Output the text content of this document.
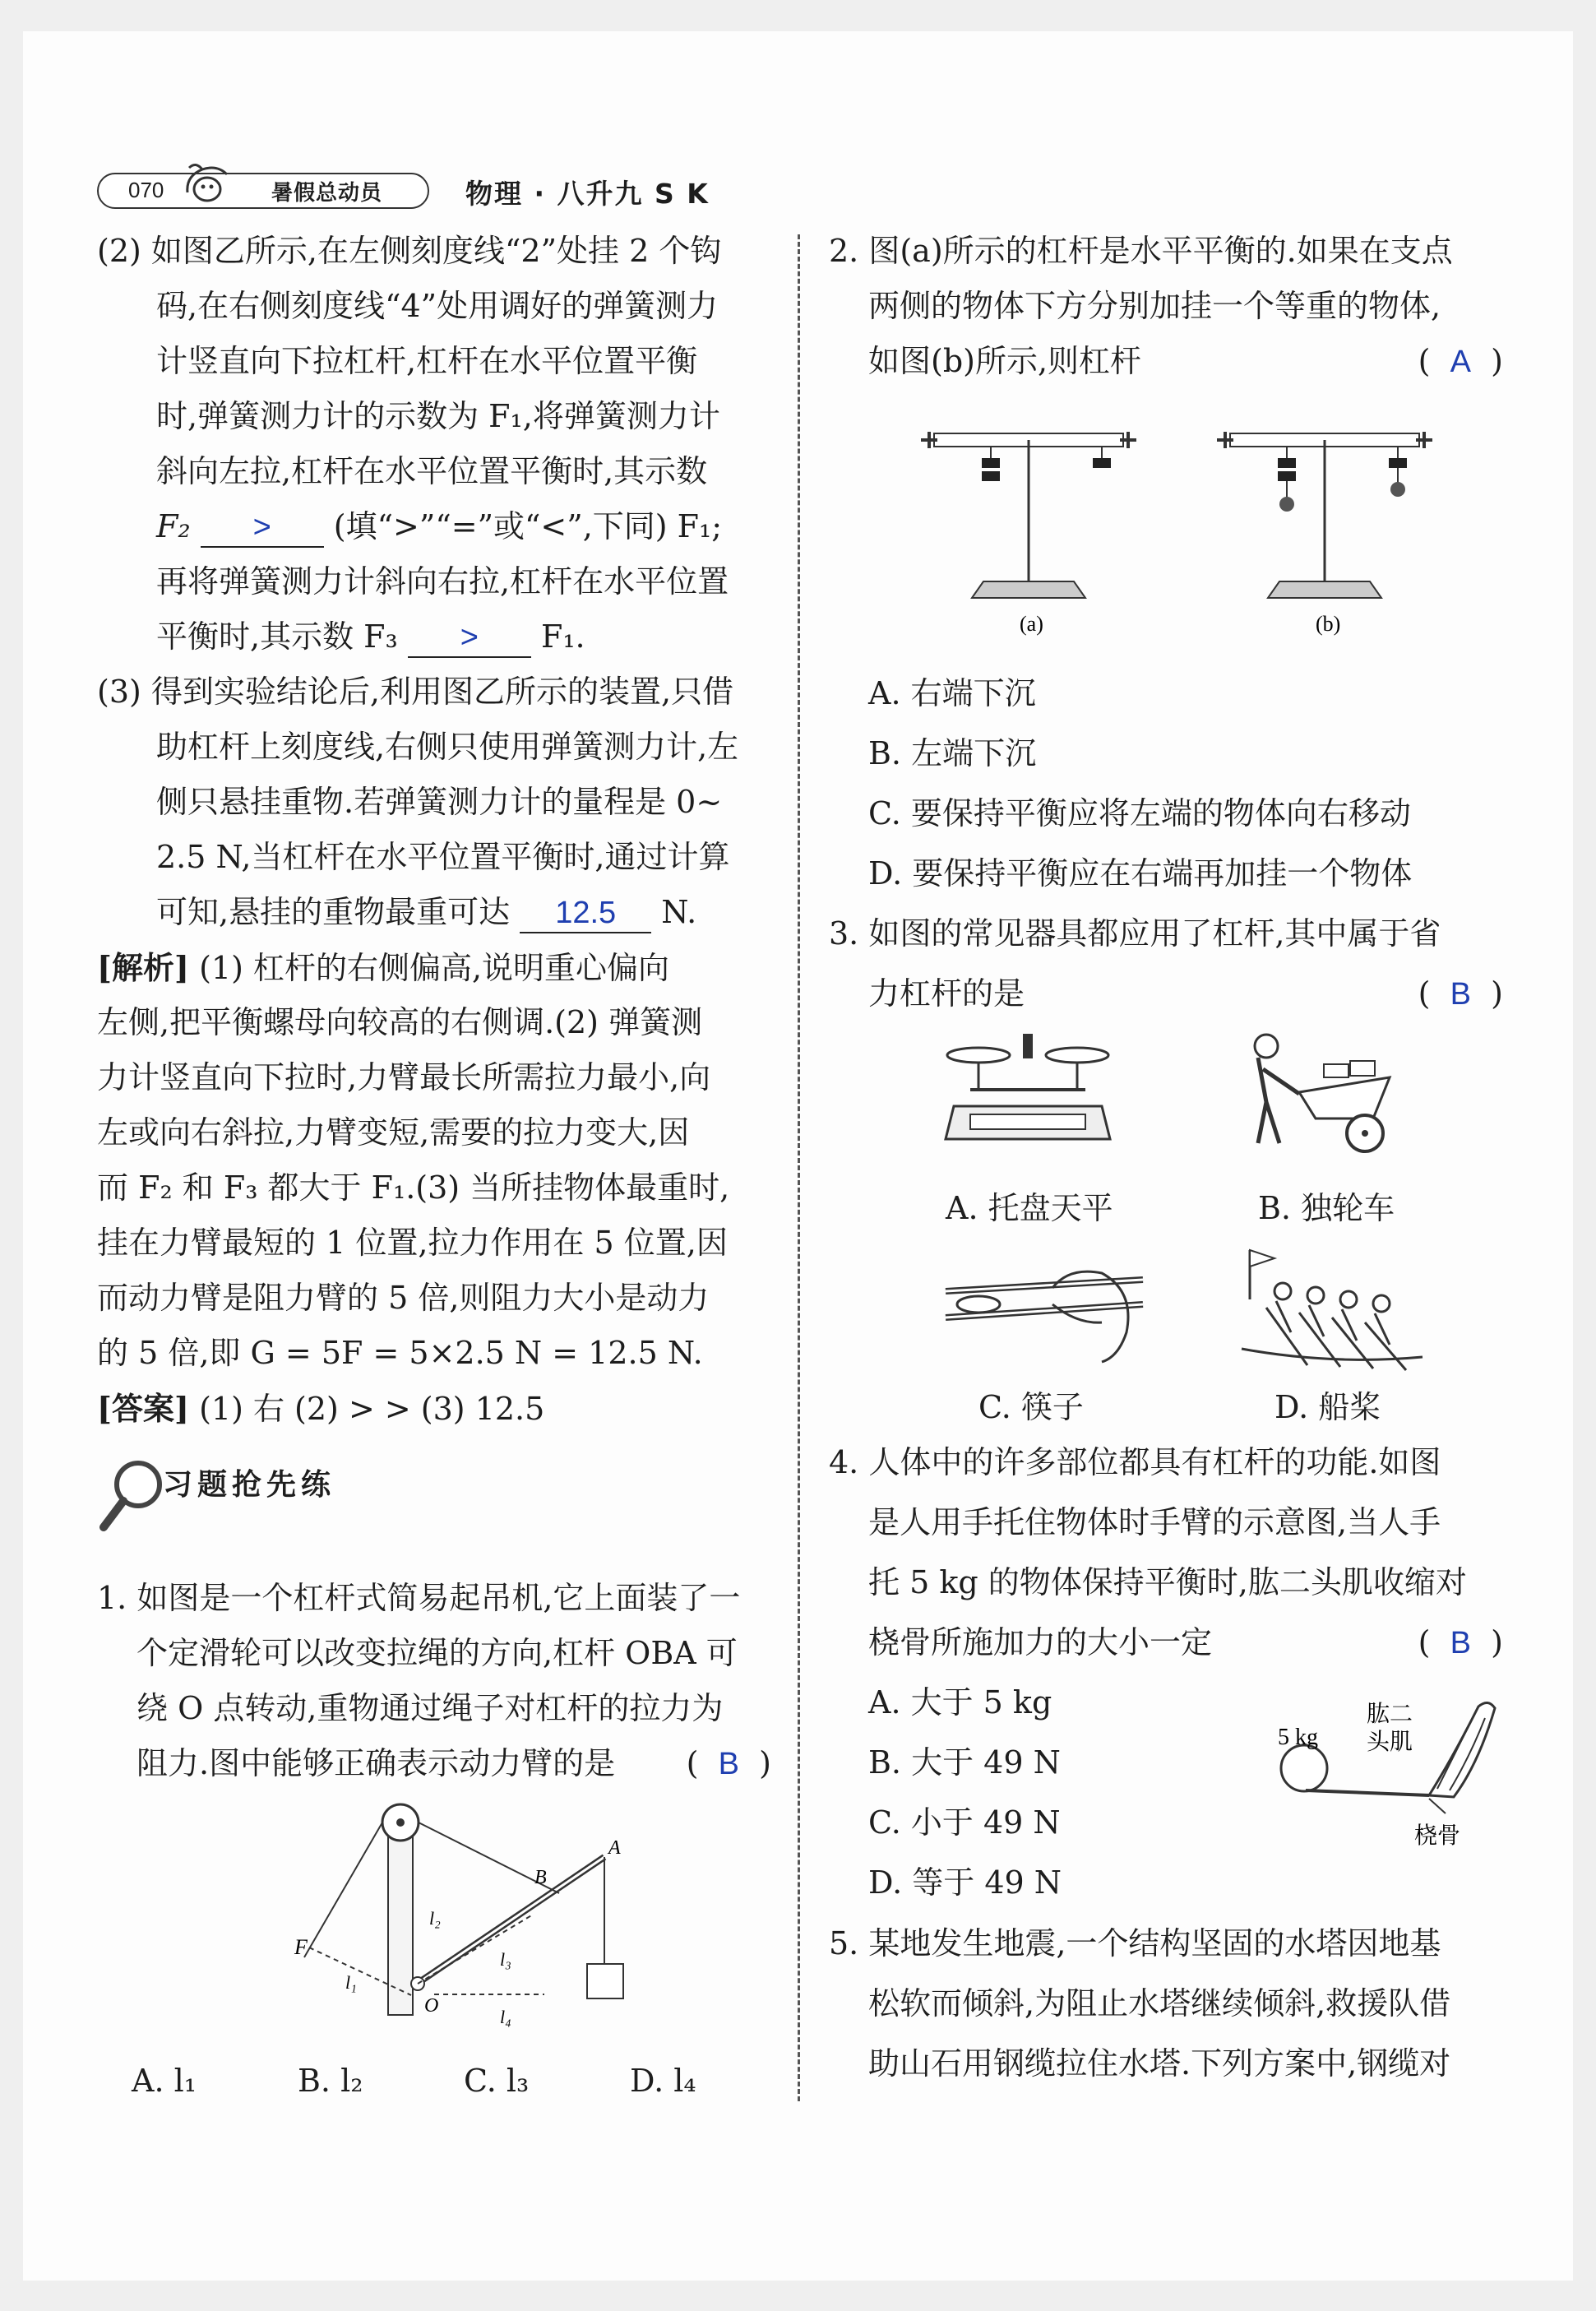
070	暑假总动员	物理 · 八升九 S K
(2) 如图乙所示,在左侧刻度线“2”处挂 2 个钩
码,在右侧刻度线“4”处用调好的弹簧测力
计竖直向下拉杠杆,杠杆在水平位置平衡
时,弹簧测力计的示数为 F₁,将弹簧测力计
斜向左拉,杠杆在水平位置平衡时,其示数
F₂ > (填“>”“=”或“<”,下同) F₁;
再将弹簧测力计斜向右拉,杠杆在水平位置
平衡时,其示数 F₃ > F₁.
(3) 得到实验结论后,利用图乙所示的装置,只借
助杠杆上刻度线,右侧只使用弹簧测力计,左
侧只悬挂重物.若弹簧测力计的量程是 0~
2.5 N,当杠杆在水平位置平衡时,通过计算
可知,悬挂的重物最重可达 12.5 N.
[解析] (1) 杠杆的右侧偏高,说明重心偏向
左侧,把平衡螺母向较高的右侧调.(2) 弹簧测
力计竖直向下拉时,力臂最长所需拉力最小,向
左或向右斜拉,力臂变短,需要的拉力变大,因
而 F₂ 和 F₃ 都大于 F₁.(3) 当所挂物体最重时,
挂在力臂最短的 1 位置,拉力作用在 5 位置,因
而动力臂是阻力臂的 5 倍,则阻力大小是动力
的 5 倍,即 G = 5F = 5×2.5 N = 12.5 N.
[答案] (1) 右 (2) > > (3) 12.5
习题抢先练
1. 如图是一个杠杆式简易起吊机,它上面装了一
个定滑轮可以改变拉绳的方向,杠杆 OBA 可
绕 O 点转动,重物通过绳子对杠杆的拉力为
阻力.图中能够正确表示动力臂的是 (  B  )
F
O
B
A
l₁
l₂
l₃
l₄
A. l₁	B. l₂	C. l₃	D. l₄
2. 图(a)所示的杠杆是水平平衡的.如果在支点
两侧的物体下方分别加挂一个等重的物体,
如图(b)所示,则杠杆	(  A  )
(a)	(b)
A. 右端下沉
B. 左端下沉
C. 要保持平衡应将左端的物体向右移动
D. 要保持平衡应在右端再加挂一个物体
3. 如图的常见器具都应用了杠杆,其中属于省
力杠杆的是	(  B  )
A. 托盘天平	B. 独轮车
C. 筷子	D. 船桨
4. 人体中的许多部位都具有杠杆的功能.如图
是人用手托住物体时手臂的示意图,当人手
托 5 kg 的物体保持平衡时,肱二头肌收缩对
桡骨所施加力的大小一定	(  B  )
A. 大于 5 kg
B. 大于 49 N
C. 小于 49 N
D. 等于 49 N
5 kg
肱二
头肌
桡骨
5. 某地发生地震,一个结构坚固的水塔因地基
松软而倾斜,为阻止水塔继续倾斜,救援队借
助山石用钢缆拉住水塔.下列方案中,钢缆对
